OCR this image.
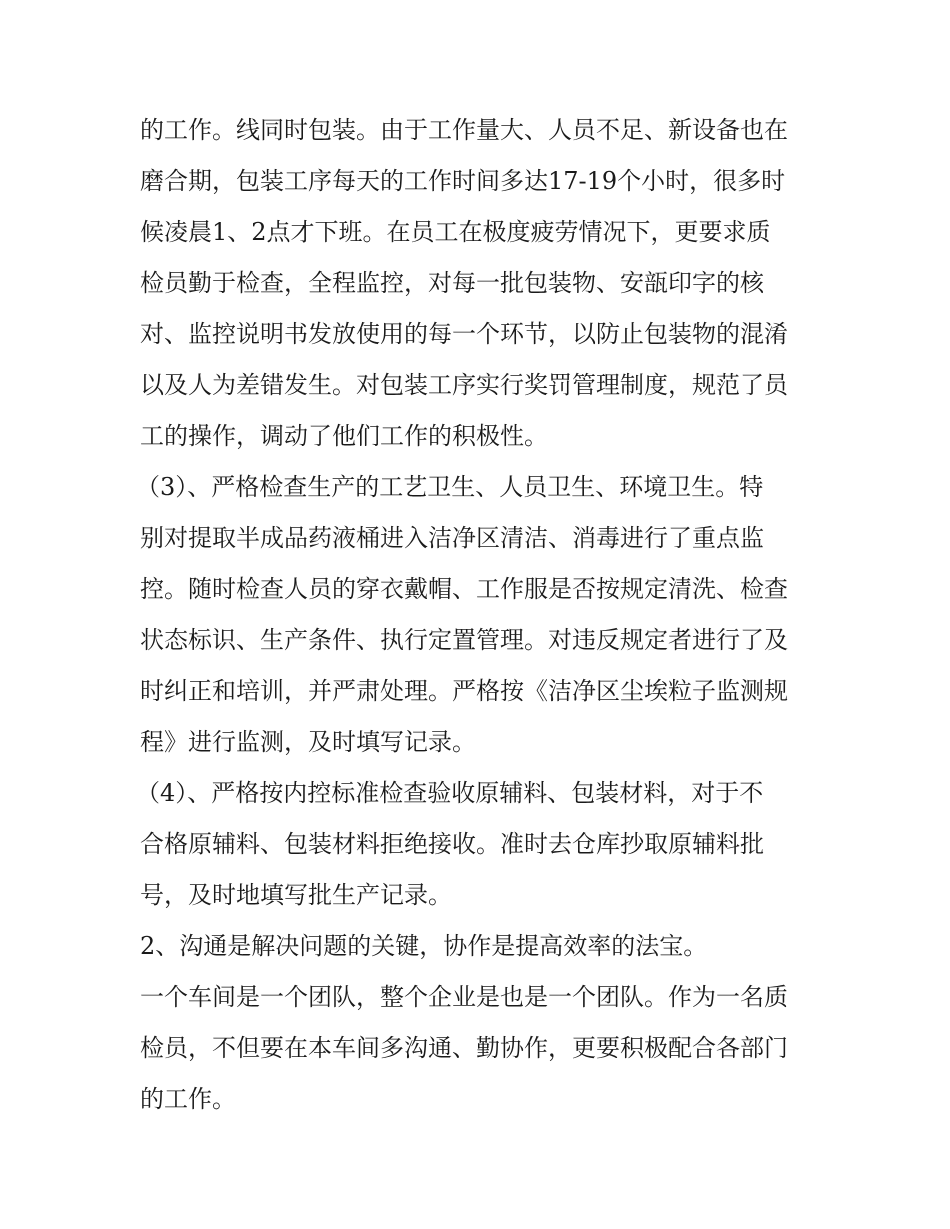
的工作。线同时包装。由于工作量大、人员不足、新设备也在
磨合期，包装工序每天的工作时间多达17-19个小时，很多时
候凌晨1、2点才下班。在员工在极度疲劳情况下，更要求质
检员勤于检查，全程监控，对每一批包装物、安瓿印字的核
对、监控说明书发放使用的每一个环节，以防止包装物的混淆
以及人为差错发生。对包装工序实行奖罚管理制度，规范了员
工的操作，调动了他们工作的积极性。
（3）、严格检查生产的工艺卫生、人员卫生、环境卫生。特
别对提取半成品药液桶进入洁净区清洁、消毒进行了重点监
控。随时检查人员的穿衣戴帽、工作服是否按规定清洗、检查
状态标识、生产条件、执行定置管理。对违反规定者进行了及
时纠正和培训，并严肃处理。严格按《洁净区尘埃粒子监测规
程》进行监测，及时填写记录。
（4）、严格按内控标准检查验收原辅料、包装材料，对于不
合格原辅料、包装材料拒绝接收。准时去仓库抄取原辅料批
号，及时地填写批生产记录。
2、沟通是解决问题的关键，协作是提高效率的法宝。
一个车间是一个团队，整个企业是也是一个团队。作为一名质
检员，不但要在本车间多沟通、勤协作，更要积极配合各部门
的工作。
